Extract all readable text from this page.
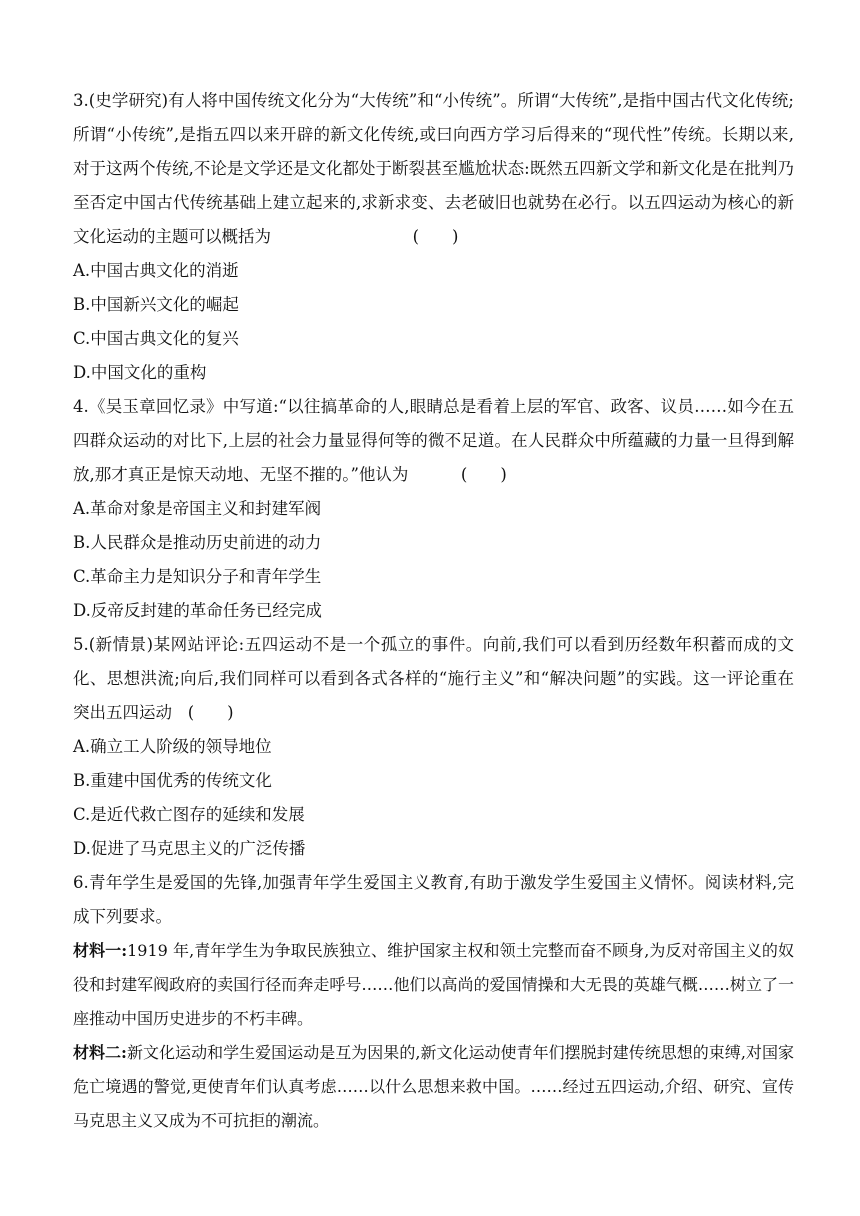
3.(史学研究)有人将中国传统文化分为“大传统”和“小传统”。所谓“大传统”,是指中国古代文化传统;所谓“小传统”,是指五四以来开辟的新文化传统,或曰向西方学习后得来的“现代性”传统。长期以来,对于这两个传统,不论是文学还是文化都处于断裂甚至尴尬状态:既然五四新文学和新文化是在批判乃至否定中国古代传统基础上建立起来的,求新求变、去老破旧也就势在必行。以五四运动为核心的新文化运动的主题可以概括为	(　　)

A.中国古典文化的消逝

B.中国新兴文化的崛起

C.中国古典文化的复兴

D.中国文化的重构

4.《吴玉章回忆录》中写道:“以往搞革命的人,眼睛总是看着上层的军官、政客、议员……如今在五四群众运动的对比下,上层的社会力量显得何等的微不足道。在人民群众中所蕴藏的力量一旦得到解放,那才真正是惊天动地、无坚不摧的。”他认为	(　　)

A.革命对象是帝国主义和封建军阀

B.人民群众是推动历史前进的动力

C.革命主力是知识分子和青年学生

D.反帝反封建的革命任务已经完成

5.(新情景)某网站评论:五四运动不是一个孤立的事件。向前,我们可以看到历经数年积蓄而成的文化、思想洪流;向后,我们同样可以看到各式各样的“施行主义”和“解决问题”的实践。这一评论重在突出五四运动 (　　)

A.确立工人阶级的领导地位

B.重建中国优秀的传统文化

C.是近代救亡图存的延续和发展

D.促进了马克思主义的广泛传播

6.青年学生是爱国的先锋,加强青年学生爱国主义教育,有助于激发学生爱国主义情怀。阅读材料,完成下列要求。

材料一:1919 年,青年学生为争取民族独立、维护国家主权和领土完整而奋不顾身,为反对帝国主义的奴役和封建军阀政府的卖国行径而奔走呼号……他们以高尚的爱国情操和大无畏的英雄气概……树立了一座推动中国历史进步的不朽丰碑。

材料二:新文化运动和学生爱国运动是互为因果的,新文化运动使青年们摆脱封建传统思想的束缚,对国家危亡境遇的警觉,更使青年们认真考虑……以什么思想来救中国。……经过五四运动,介绍、研究、宣传马克思主义又成为不可抗拒的潮流。
